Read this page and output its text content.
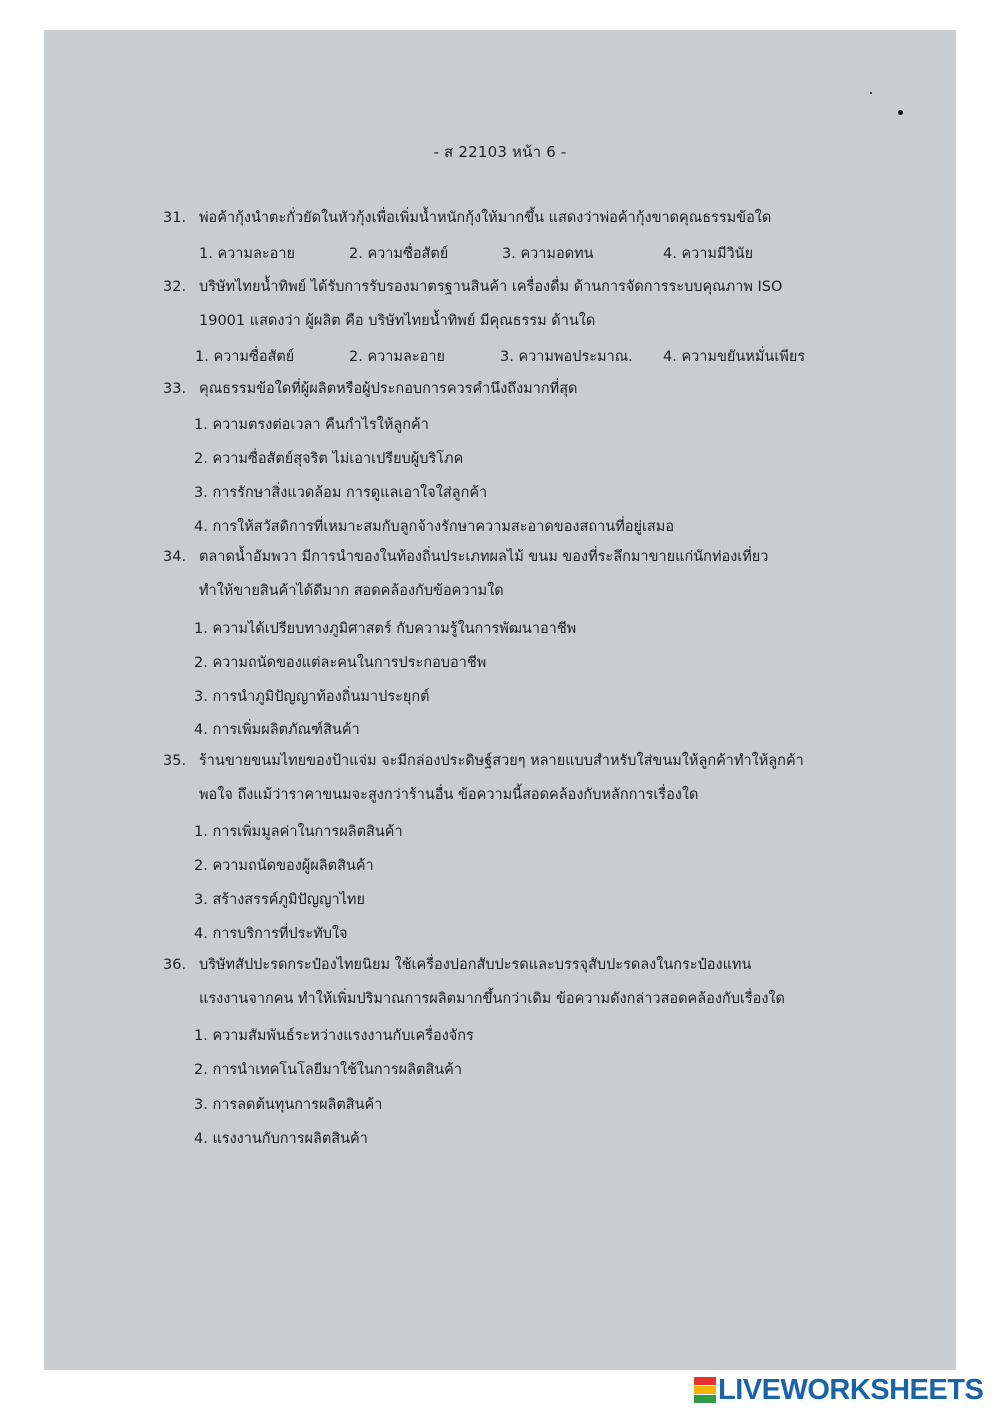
- ส 22103 หน้า 6 -
31. พ่อค้ากุ้งนำตะกั่วยัดในหัวกุ้งเพื่อเพิ่มน้ำหนักกุ้งให้มากขึ้น แสดงว่าพ่อค้ากุ้งขาดคุณธรรมข้อใด
1. ความละอาย	2. ความซื่อสัตย์	3. ความอดทน	4. ความมีวินัย
32. บริษัทไทยน้ำทิพย์ ได้รับการรับรองมาตรฐานสินค้า เครื่องดื่ม ด้านการจัดการระบบคุณภาพ ISO
19001 แสดงว่า ผู้ผลิต คือ บริษัทไทยน้ำทิพย์ มีคุณธรรม ด้านใด
1. ความซื่อสัตย์	2. ความละอาย	3. ความพอประมาณ. 4. ความขยันหมั่นเพียร
33. คุณธรรมข้อใดที่ผู้ผลิตหรือผู้ประกอบการควรคำนึงถึงมากที่สุด
1. ความตรงต่อเวลา คืนกำไรให้ลูกค้า
2. ความซื่อสัตย์สุจริต ไม่เอาเปรียบผู้บริโภค
3. การรักษาสิ่งแวดล้อม การดูแลเอาใจใส่ลูกค้า
4. การให้สวัสดิการที่เหมาะสมกับลูกจ้างรักษาความสะอาดของสถานที่อยู่เสมอ
34. ตลาดน้ำอัมพวา มีการนำของในท้องถิ่นประเภทผลไม้ ขนม ของที่ระลึกมาขายแก่นักท่องเที่ยว
ทำให้ขายสินค้าได้ดีมาก สอดคล้องกับข้อความใด
1. ความได้เปรียบทางภูมิศาสตร์ กับความรู้ในการพัฒนาอาชีพ
2. ความถนัดของแต่ละคนในการประกอบอาชีพ
3. การนำภูมิปัญญาท้องถิ่นมาประยุกต์
4. การเพิ่มผลิตภัณฑ์สินค้า
35. ร้านขายขนมไทยของป้าแจ่ม จะมีกล่องประดิษฐ์สวยๆ หลายแบบสำหรับใส่ขนมให้ลูกค้าทำให้ลูกค้า
พอใจ ถึงแม้ว่าราคาขนมจะสูงกว่าร้านอื่น ข้อความนี้สอดคล้องกับหลักการเรื่องใด
1. การเพิ่มมูลค่าในการผลิตสินค้า
2. ความถนัดของผู้ผลิตสินค้า
3. สร้างสรรค์ภูมิปัญญาไทย
4. การบริการที่ประทับใจ
36. บริษัทสัปปะรดกระป๋องไทยนิยม ใช้เครื่องปอกสับปะรดและบรรจุสับปะรดลงในกระป๋องแทน
แรงงานจากคน ทำให้เพิ่มปริมาณการผลิตมากขึ้นกว่าเดิม ข้อความดังกล่าวสอดคล้องกับเรื่องใด
1. ความสัมพันธ์ระหว่างแรงงานกับเครื่องจักร
2. การนำเทคโนโลยีมาใช้ในการผลิตสินค้า
3. การลดต้นทุนการผลิตสินค้า
4. แรงงานกับการผลิตสินค้า
LIVEWORKSHEETS
